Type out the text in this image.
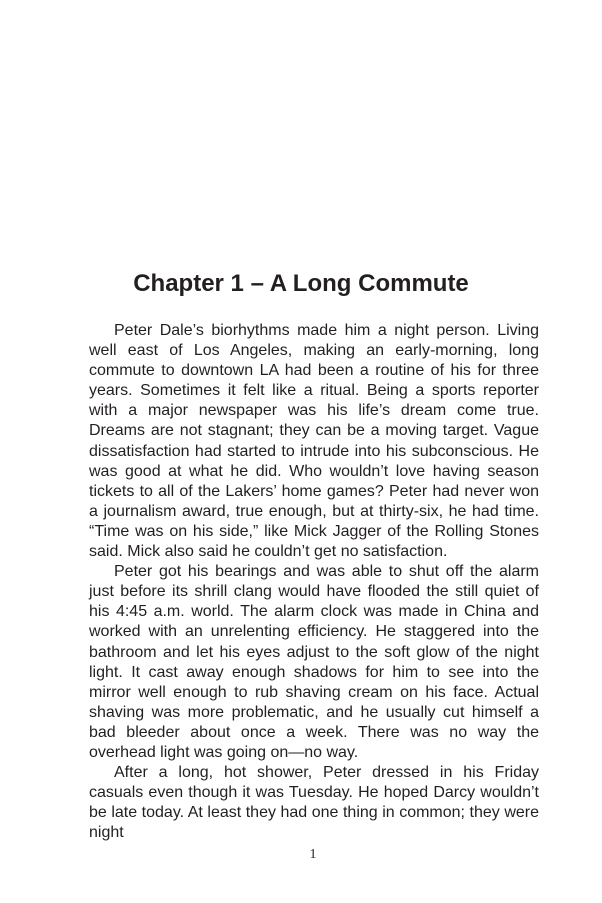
Chapter 1 – A Long Commute

Peter Dale’s biorhythms made him a night person. Living well east of Los Angeles, making an early-morning, long commute to downtown LA had been a routine of his for three years. Sometimes it felt like a ritual. Being a sports reporter with a major newspaper was his life’s dream come true. Dreams are not stagnant; they can be a moving target. Vague dissatisfaction had started to intrude into his subconscious. He was good at what he did. Who wouldn’t love having season tickets to all of the Lakers’ home games? Peter had never won a journalism award, true enough, but at thirty-six, he had time. “Time was on his side,” like Mick Jagger of the Rolling Stones said. Mick also said he couldn’t get no satisfaction.

Peter got his bearings and was able to shut off the alarm just before its shrill clang would have flooded the still quiet of his 4:45 a.m. world. The alarm clock was made in China and worked with an unrelenting efficiency. He staggered into the bathroom and let his eyes adjust to the soft glow of the night light. It cast away enough shadows for him to see into the mirror well enough to rub shaving cream on his face. Actual shaving was more problematic, and he usually cut himself a bad bleeder about once a week. There was no way the overhead light was going on—no way.

After a long, hot shower, Peter dressed in his Friday casuals even though it was Tuesday. He hoped Darcy wouldn’t be late today. At least they had one thing in common; they were night

1
